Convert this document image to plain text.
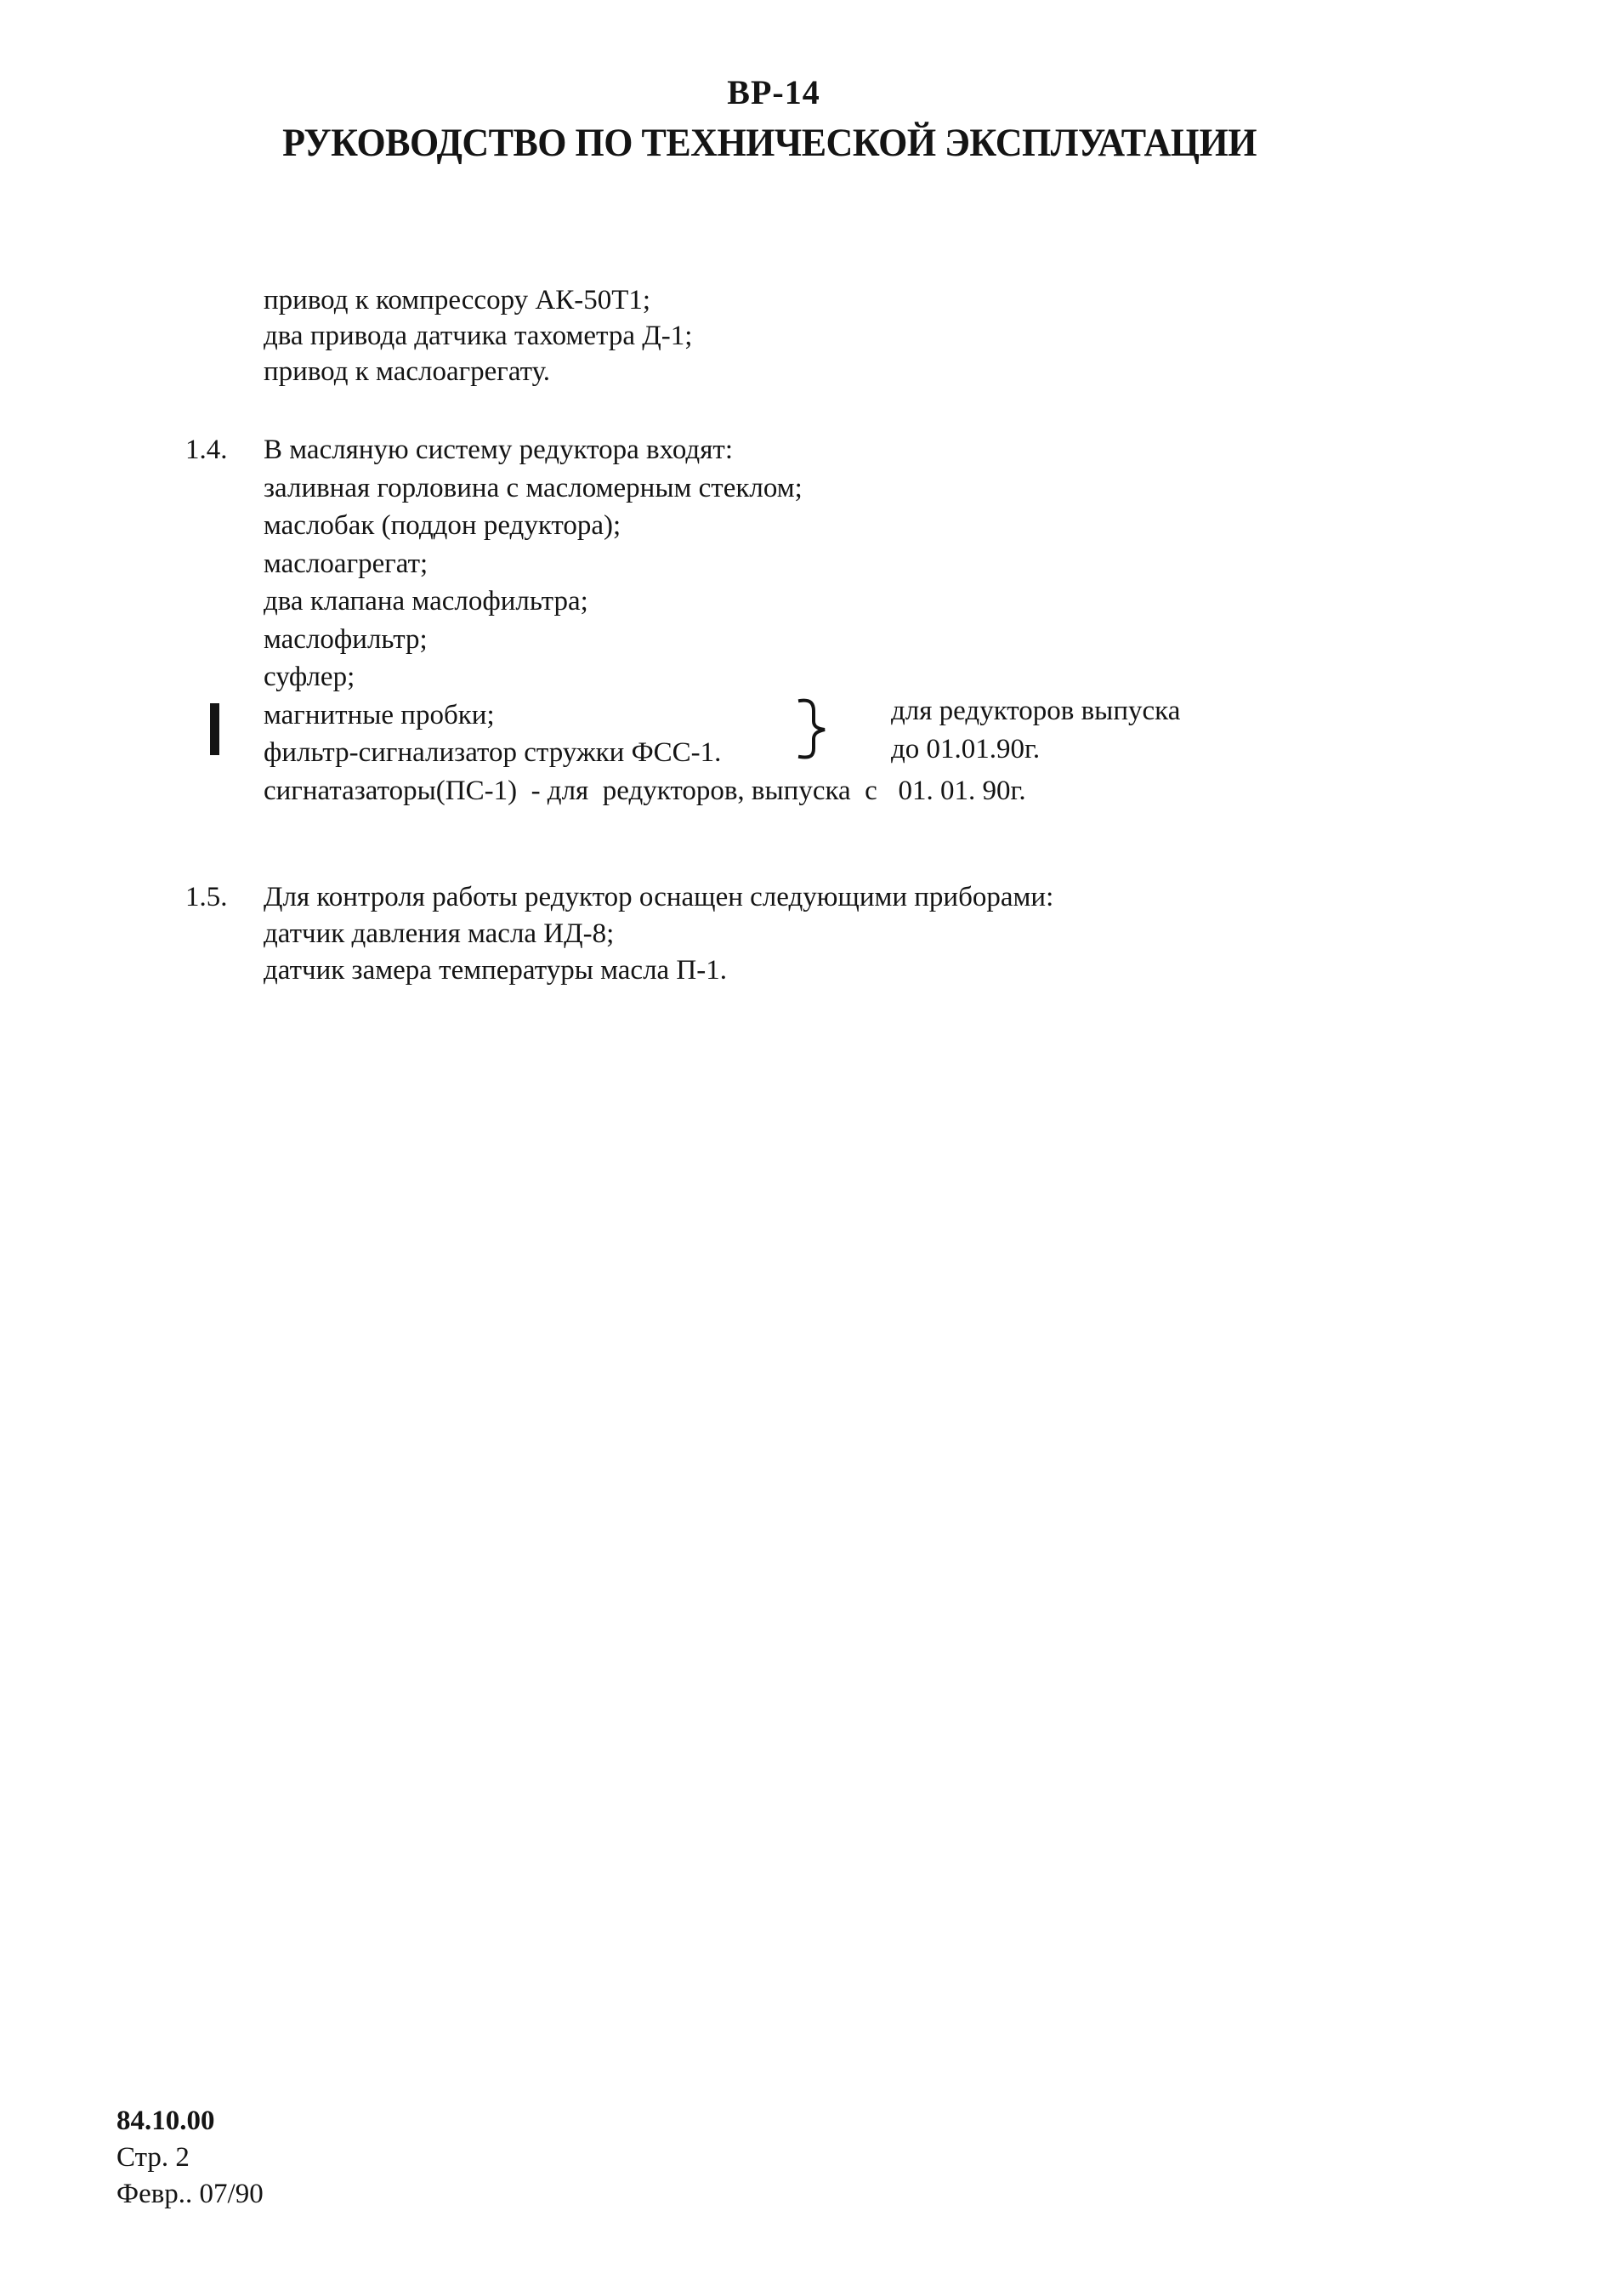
ВР-14
РУКОВОДСТВО ПО ТЕХНИЧЕСКОЙ ЭКСПЛУАТАЦИИ
привод к компрессору АК-50Т1;
два привода датчика тахометра Д-1;
привод к маслоагрегату.
1.4. В масляную систему редуктора входят:
заливная горловина с масломерным стеклом;
маслобак (поддон редуктора);
маслоагрегат;
два клапана маслофильтра;
маслофильтр;
суфлер;
магнитные пробки;
фильтр-сигнализатор стружки ФСС-1.
сигнатазаторы(ПС-1)  - для  редукторов, выпуска  с   01. 01. 90г.
для редукторов выпуска
до 01.01.90г.
1.5. Для контроля работы редуктор оснащен следующими приборами:
датчик давления масла ИД-8;
датчик замера температуры масла П-1.
84.10.00
Стр. 2
Февр.. 07/90
